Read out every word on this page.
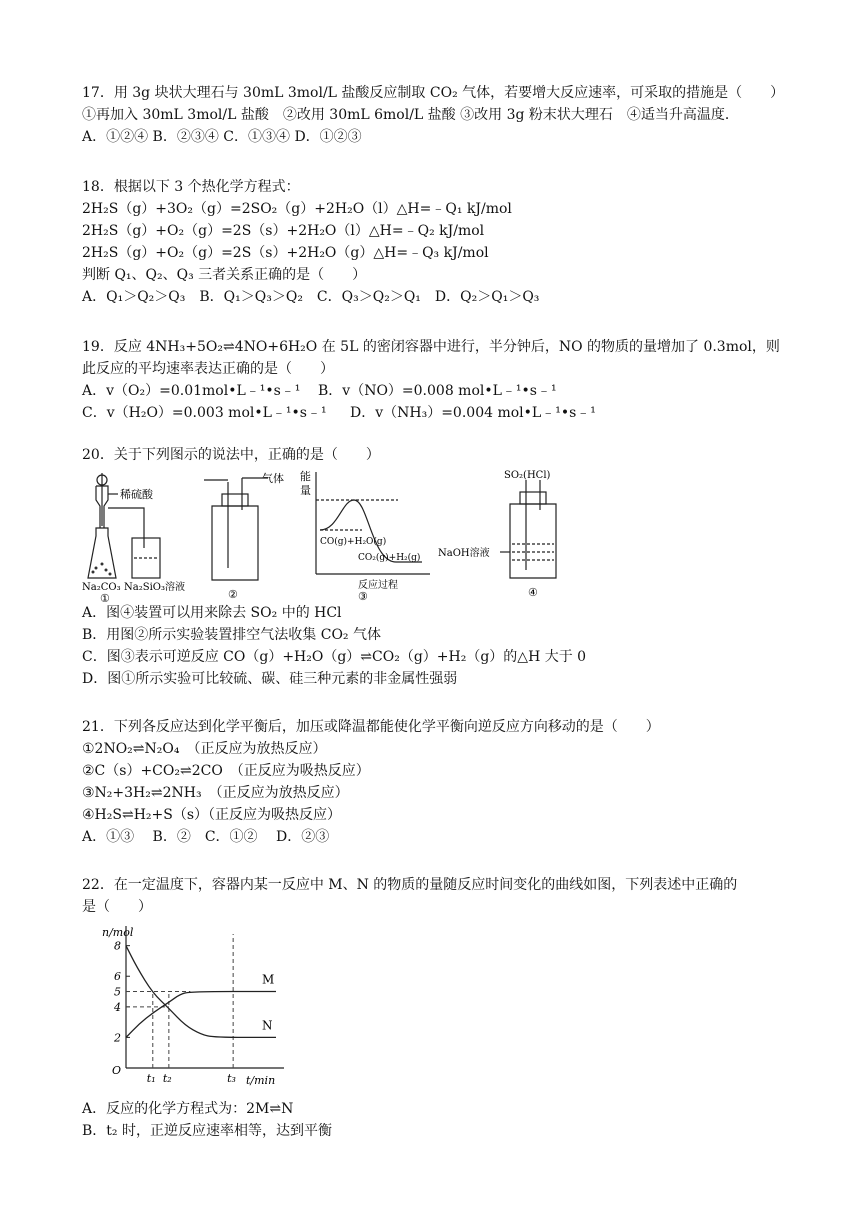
17．用 3g 块状大理石与 30mL 3mol/L 盐酸反应制取 CO₂ 气体，若要增大反应速率，可采取的措施是（　　）
①再加入 30mL 3mol/L 盐酸　②改用 30mL 6mol/L 盐酸 ③改用 3g 粉末状大理石　④适当升高温度．
A．①②④ B．②③④ C．①③④ D．①②③
18．根据以下 3 个热化学方程式：
2H₂S（g）+3O₂（g）=2SO₂（g）+2H₂O（l）△H=﹣Q₁ kJ/mol
2H₂S（g）+O₂（g）=2S（s）+2H₂O（l）△H=﹣Q₂ kJ/mol
2H₂S（g）+O₂（g）=2S（s）+2H₂O（g）△H=﹣Q₃ kJ/mol
判断 Q₁、Q₂、Q₃ 三者关系正确的是（　　）
A．Q₁＞Q₂＞Q₃　B．Q₁＞Q₃＞Q₂　C．Q₃＞Q₂＞Q₁　D．Q₂＞Q₁＞Q₃
19．反应 4NH₃+5O₂⇌4NO+6H₂O 在 5L 的密闭容器中进行，半分钟后，NO 的物质的量增加了 0.3mol，则
此反应的平均速率表达正确的是（　　）
A．v（O₂）=0.01mol•L﹣¹•s﹣¹ B．v（NO）=0.008 mol•L﹣¹•s﹣¹
C．v（H₂O）=0.003 mol•L﹣¹•s﹣¹ D．v（NH₃）=0.004 mol•L﹣¹•s﹣¹
20．关于下列图示的说法中，正确的是（　　）
稀硫酸
Na₂CO₃ Na₂SiO₃溶液
①
气体
②
能
量
CO(g)+H₂O(g)
CO₂(g)+H₂(g)
反应过程
③
SO₂(HCl)
NaOH溶液
④
A．图④装置可以用来除去 SO₂ 中的 HCl
B．用图②所示实验装置排空气法收集 CO₂ 气体
C．图③表示可逆反应 CO（g）+H₂O（g）⇌CO₂（g）+H₂（g）的△H 大于 0
D．图①所示实验可比较硫、碳、硅三种元素的非金属性强弱
21．下列各反应达到化学平衡后，加压或降温都能使化学平衡向逆反应方向移动的是（　　）
①2NO₂⇌N₂O₄　（正反应为放热反应）
②C（s）+CO₂⇌2CO　（正反应为吸热反应）
③N₂+3H₂⇌2NH₃　（正反应为放热反应）
④H₂S⇌H₂+S（s）（正反应为吸热反应）
A．①③　 B．②　C．①②　 D．②③
22．在一定温度下，容器内某一反应中 M、N 的物质的量随反应时间变化的曲线如图，下列表述中正确的
是（　　）
2
4
5
6
8
t₁ t₂	t₃
M
N
n/mol
t/min
O
A．反应的化学方程式为：2M⇌N
B．t₂ 时，正逆反应速率相等，达到平衡
